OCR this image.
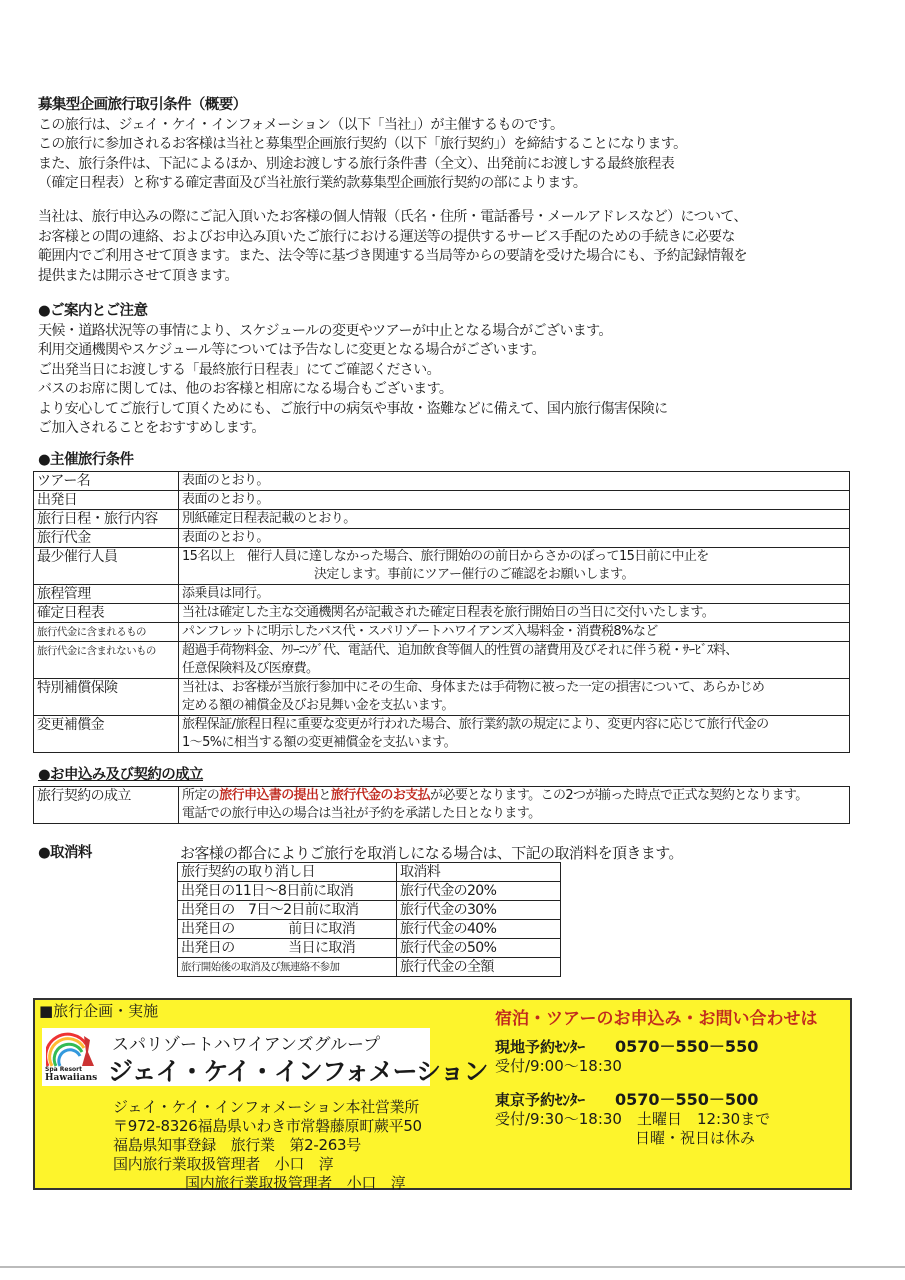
募集型企画旅行取引条件（概要）
この旅行は、ジェイ・ケイ・インフォメーション（以下「当社」）が主催するものです。
この旅行に参加されるお客様は当社と募集型企画旅行契約（以下「旅行契約」）を締結することになります。
また、旅行条件は、下記によるほか、別途お渡しする旅行条件書（全文）、出発前にお渡しする最終旅程表
（確定日程表）と称する確定書面及び当社旅行業約款募集型企画旅行契約の部によります。
当社は、旅行申込みの際にご記入頂いたお客様の個人情報（氏名・住所・電話番号・メールアドレスなど）について、
お客様との間の連絡、およびお申込み頂いたご旅行における運送等の提供するサービス手配のための手続きに必要な
範囲内でご利用させて頂きます。また、法令等に基づき関連する当局等からの要請を受けた場合にも、予約記録情報を
提供または開示させて頂きます。
●ご案内とご注意
天候・道路状況等の事情により、スケジュールの変更やツアーが中止となる場合がございます。
利用交通機関やスケジュール等については予告なしに変更となる場合がございます。
ご出発当日にお渡しする「最終旅行日程表」にてご確認ください。
バスのお席に関しては、他のお客様と相席になる場合もございます。
より安心してご旅行して頂くためにも、ご旅行中の病気や事故・盗難などに備えて、国内旅行傷害保険に
ご加入されることをおすすめします。
●主催旅行条件
ツアー名	表面のとおり。

出発日	表面のとおり。

旅行日程・旅行内容	別紙確定日程表記載のとおり。

旅行代金	表面のとおり。

最少催行人員	15名以上　催行人員に達しなかった場合、旅行開始のの前日からさかのぼって15日前に中止を
決定します。事前にツアー催行のご確認をお願いします。

旅程管理	添乗員は同行。

確定日程表	当社は確定した主な交通機関名が記載された確定日程表を旅行開始日の当日に交付いたします。

旅行代金に含まれるもの	パンフレットに明示したバス代・スパリゾートハワイアンズ入場料金・消費税8%など

旅行代金に含まれないもの	超過手荷物料金、ｸﾘｰﾆﾝｸﾞ代、電話代、追加飲食等個人的性質の諸費用及びそれに伴う税・ｻｰﾋﾞｽ料、
任意保険料及び医療費。

特別補償保険	当社は、お客様が当旅行参加中にその生命、身体または手荷物に被った一定の損害について、あらかじめ
定める額の補償金及びお見舞い金を支払います。

変更補償金	旅程保証/旅程日程に重要な変更が行われた場合、旅行業約款の規定により、変更内容に応じて旅行代金の
1～5%に相当する額の変更補償金を支払います。
●お申込み及び契約の成立
旅行契約の成立	所定の旅行申込書の提出と旅行代金のお支払が必要となります。この2つが揃った時点で正式な契約となります。
電話での旅行申込の場合は当社が予約を承諾した日となります。
●取消料	お客様の都合によりご旅行を取消しになる場合は、下記の取消料を頂きます。
旅行契約の取り消し日	取消料
出発日の11日～8日前に取消	旅行代金の20%
出発日の　7日～2日前に取消	旅行代金の30%
出発日の　　　　前日に取消	旅行代金の40%
出発日の　　　　当日に取消	旅行代金の50%
旅行開始後の取消及び無連絡不参加	旅行代金の全額
■旅行企画・実施
Spa Resort
Hawaiians
スパリゾートハワイアンズグループ
ジェイ・ケイ・インフォメーション
ジェイ・ケイ・インフォメーション本社営業所
〒972-8326福島県いわき市常磐藤原町蕨平50
福島県知事登録　旅行業　第2-263号
国内旅行業取扱管理者　小口　淳
国内旅行業取扱管理者　小口　淳
宿泊・ツアーのお申込み・お問い合わせは
現地予約ｾﾝﾀｰ 0570－550－550
受付/9:00～18:30
東京予約ｾﾝﾀｰ 0570－550－500
受付/9:30～18:30　土曜日　12:30まで
日曜・祝日は休み
